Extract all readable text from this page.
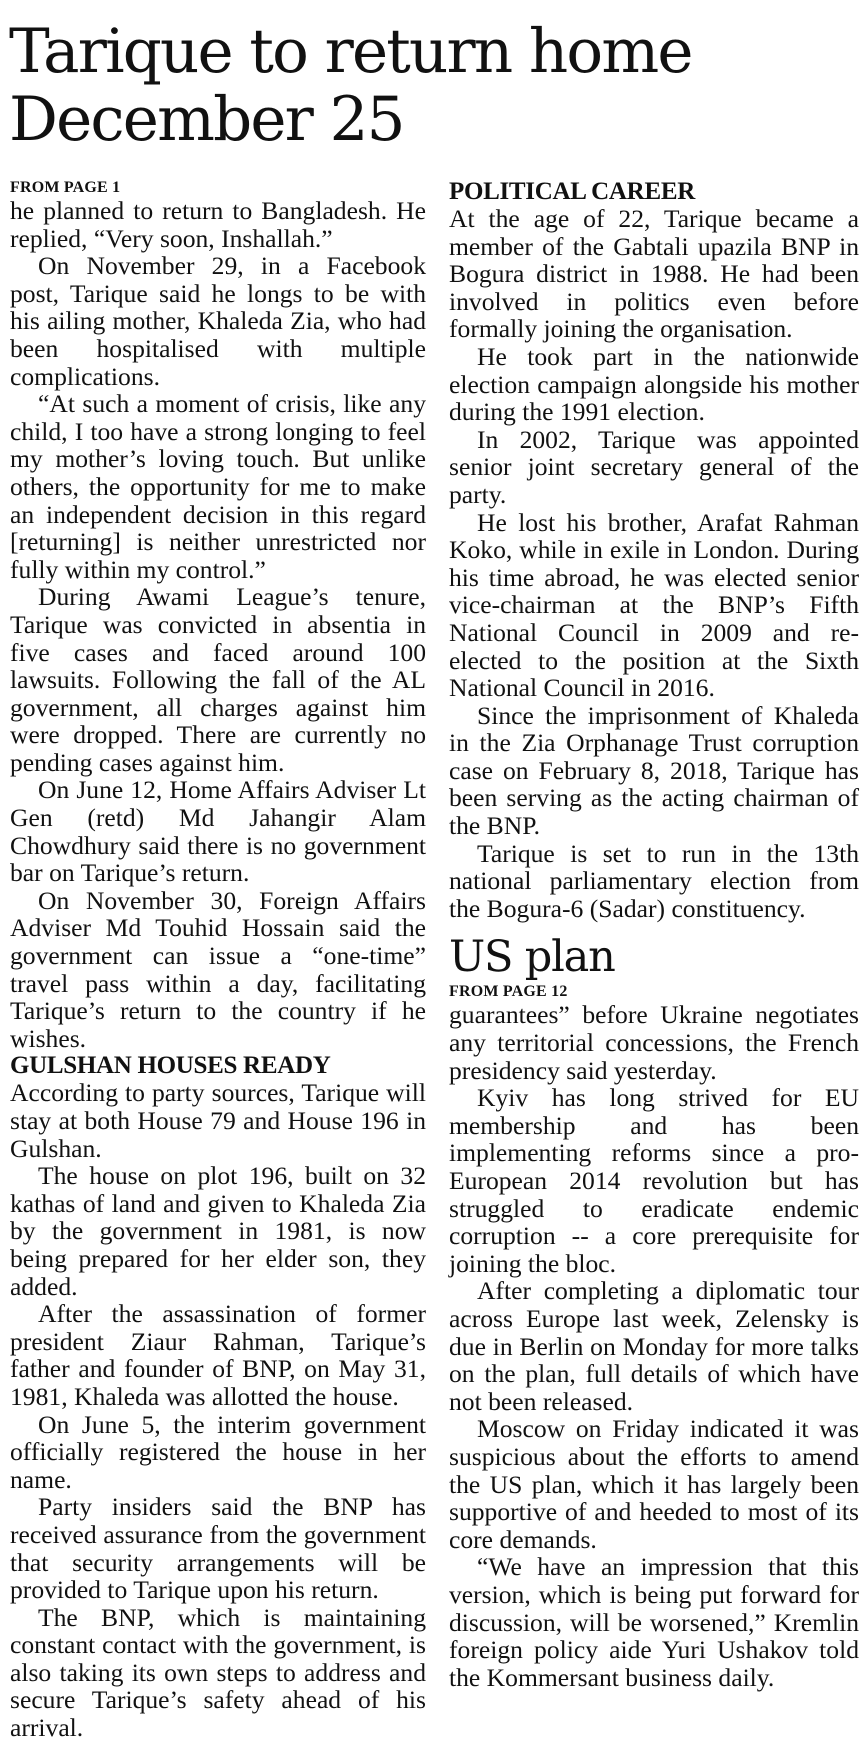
Tarique to return home December 25
FROM PAGE 1

he planned to return to Bangladesh. He replied, “Very soon, Inshallah.”

On November 29, in a Facebook post, Tarique said he longs to be with his ailing mother, Khaleda Zia, who had been hospitalised with multiple complications.

“At such a moment of crisis, like any child, I too have a strong longing to feel my mother’s loving touch. But unlike others, the opportunity for me to make an independent decision in this regard [returning] is neither unrestricted nor fully within my control.”

During Awami League’s tenure, Tarique was convicted in absentia in five cases and faced around 100 lawsuits. Following the fall of the AL government, all charges against him were dropped. There are currently no pending cases against him.

On June 12, Home Affairs Adviser Lt Gen (retd) Md Jahangir Alam Chowdhury said there is no government bar on Tarique’s return.

On November 30, Foreign Affairs Adviser Md Touhid Hossain said the government can issue a “one-time” travel pass within a day, facilitating Tarique’s return to the country if he wishes.

GULSHAN HOUSES READY

According to party sources, Tarique will stay at both House 79 and House 196 in Gulshan.

The house on plot 196, built on 32 kathas of land and given to Khaleda Zia by the government in 1981, is now being prepared for her elder son, they added.

After the assassination of former president Ziaur Rahman, Tarique’s father and founder of BNP, on May 31, 1981, Khaleda was allotted the house.

On June 5, the interim government officially registered the house in her name.

Party insiders said the BNP has received assurance from the government that security arrangements will be provided to Tarique upon his return.

The BNP, which is maintaining constant contact with the government, is also taking its own steps to address and secure Tarique’s safety ahead of his arrival.

POLITICAL CAREER

At the age of 22, Tarique became a member of the Gabtali upazila BNP in Bogura district in 1988. He had been involved in politics even before formally joining the organisation.

He took part in the nationwide election campaign alongside his mother during the 1991 election.

In 2002, Tarique was appointed senior joint secretary general of the party.

He lost his brother, Arafat Rahman Koko, while in exile in London. During his time abroad, he was elected senior vice-chairman at the BNP’s Fifth National Council in 2009 and re-elected to the position at the Sixth National Council in 2016.

Since the imprisonment of Khaleda in the Zia Orphanage Trust corruption case on February 8, 2018, Tarique has been serving as the acting chairman of the BNP.

Tarique is set to run in the 13th national parliamentary election from the Bogura-6 (Sadar) constituency.

US plan
FROM PAGE 12

guarantees” before Ukraine negotiates any territorial concessions, the French presidency said yesterday.

Kyiv has long strived for EU membership and has been implementing reforms since a pro-European 2014 revolution but has struggled to eradicate endemic corruption -- a core prerequisite for joining the bloc.

After completing a diplomatic tour across Europe last week, Zelensky is due in Berlin on Monday for more talks on the plan, full details of which have not been released.

Moscow on Friday indicated it was suspicious about the efforts to amend the US plan, which it has largely been supportive of and heeded to most of its core demands.

“We have an impression that this version, which is being put forward for discussion, will be worsened,” Kremlin foreign policy aide Yuri Ushakov told the Kommersant business daily.
